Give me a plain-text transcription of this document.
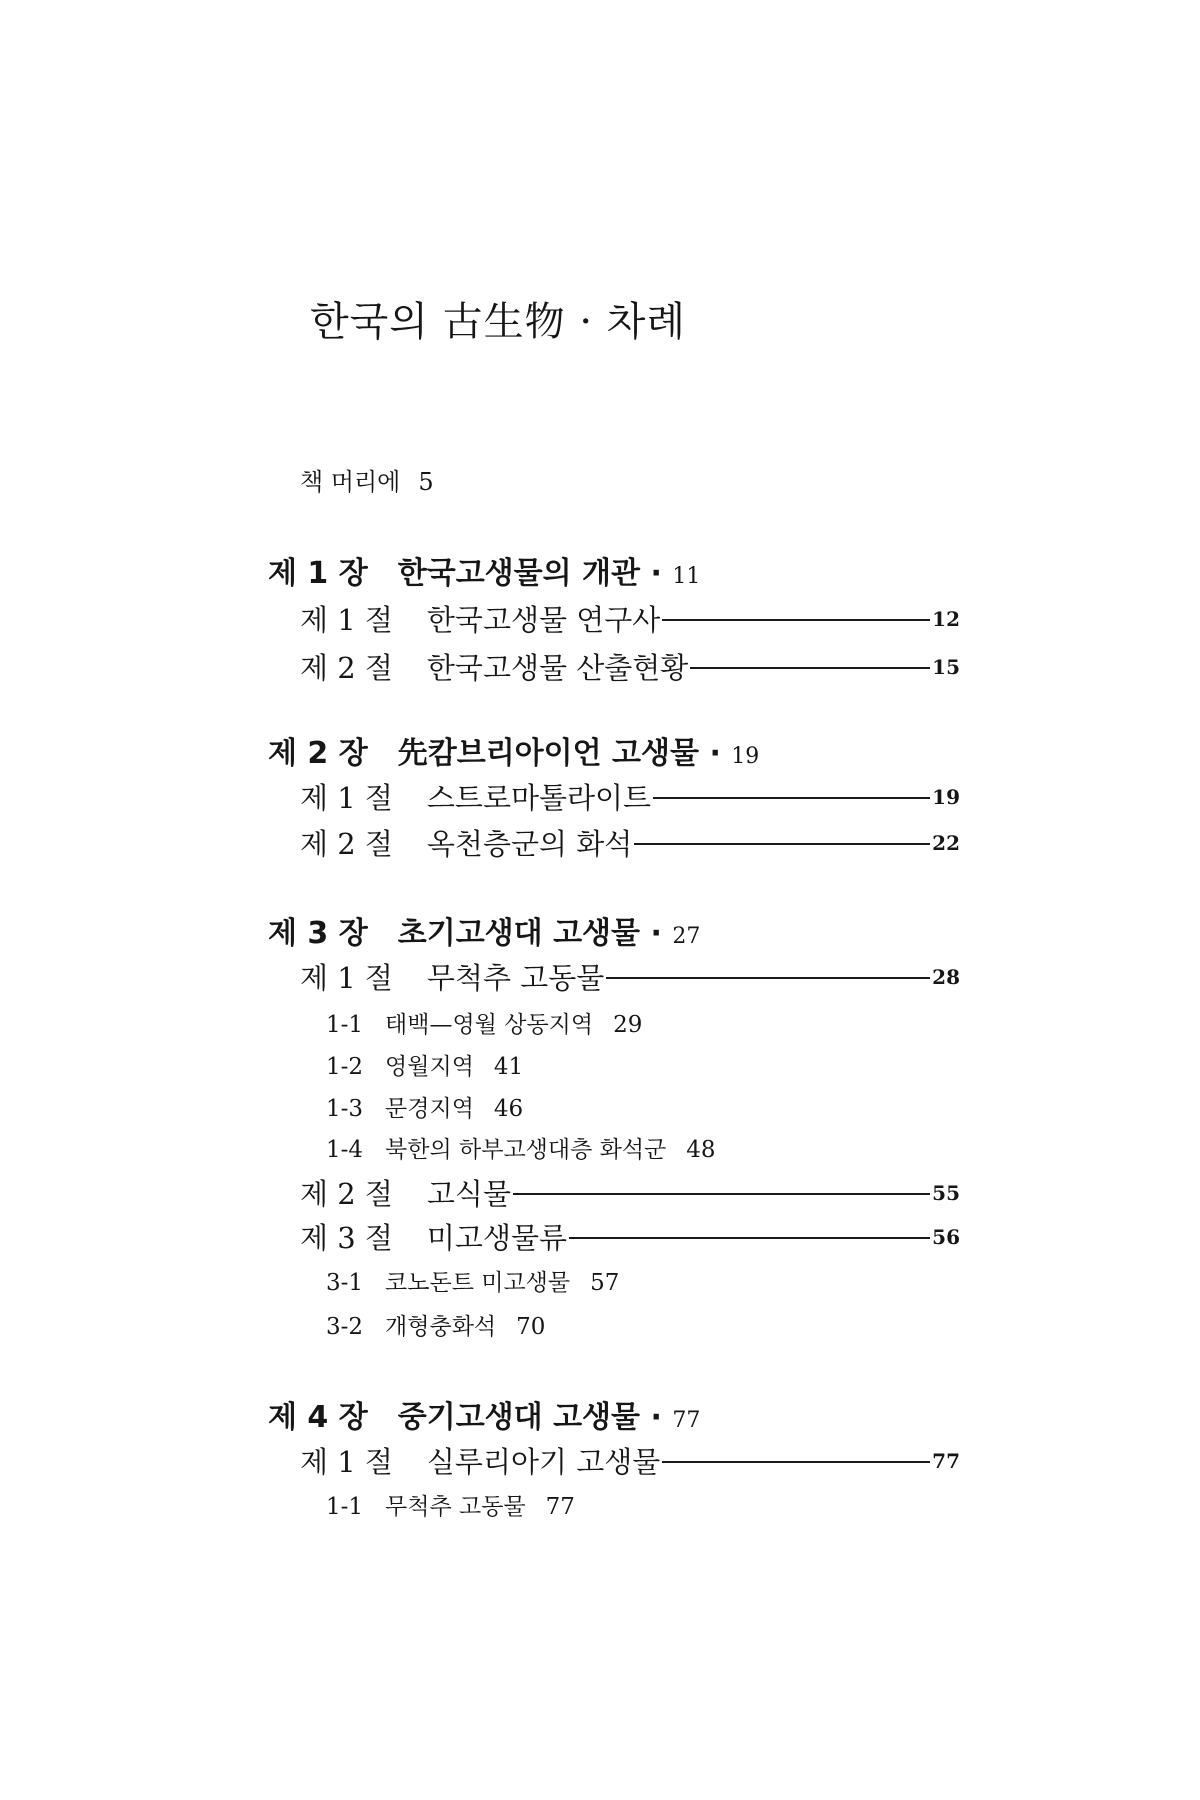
한국의 古生物 · 차례
책 머리에 5
제 1 장 한국고생물의 개관 · 11
제 1 절 한국고생물 연구사	12
제 2 절 한국고생물 산출현황	15
제 2 장 先캄브리아이언 고생물 · 19
제 1 절 스트로마톨라이트	19
제 2 절 옥천층군의 화석	22
제 3 장 초기고생대 고생물 · 27
제 1 절 무척추 고동물	28
1-1 태백—영월 상동지역 29
1-2 영월지역 41
1-3 문경지역 46
1-4 북한의 하부고생대층 화석군 48
제 2 절 고식물	55
제 3 절 미고생물류	56
3-1 코노돈트 미고생물 57
3-2 개형충화석 70
제 4 장 중기고생대 고생물 · 77
제 1 절 실루리아기 고생물	77
1-1 무척추 고동물 77
